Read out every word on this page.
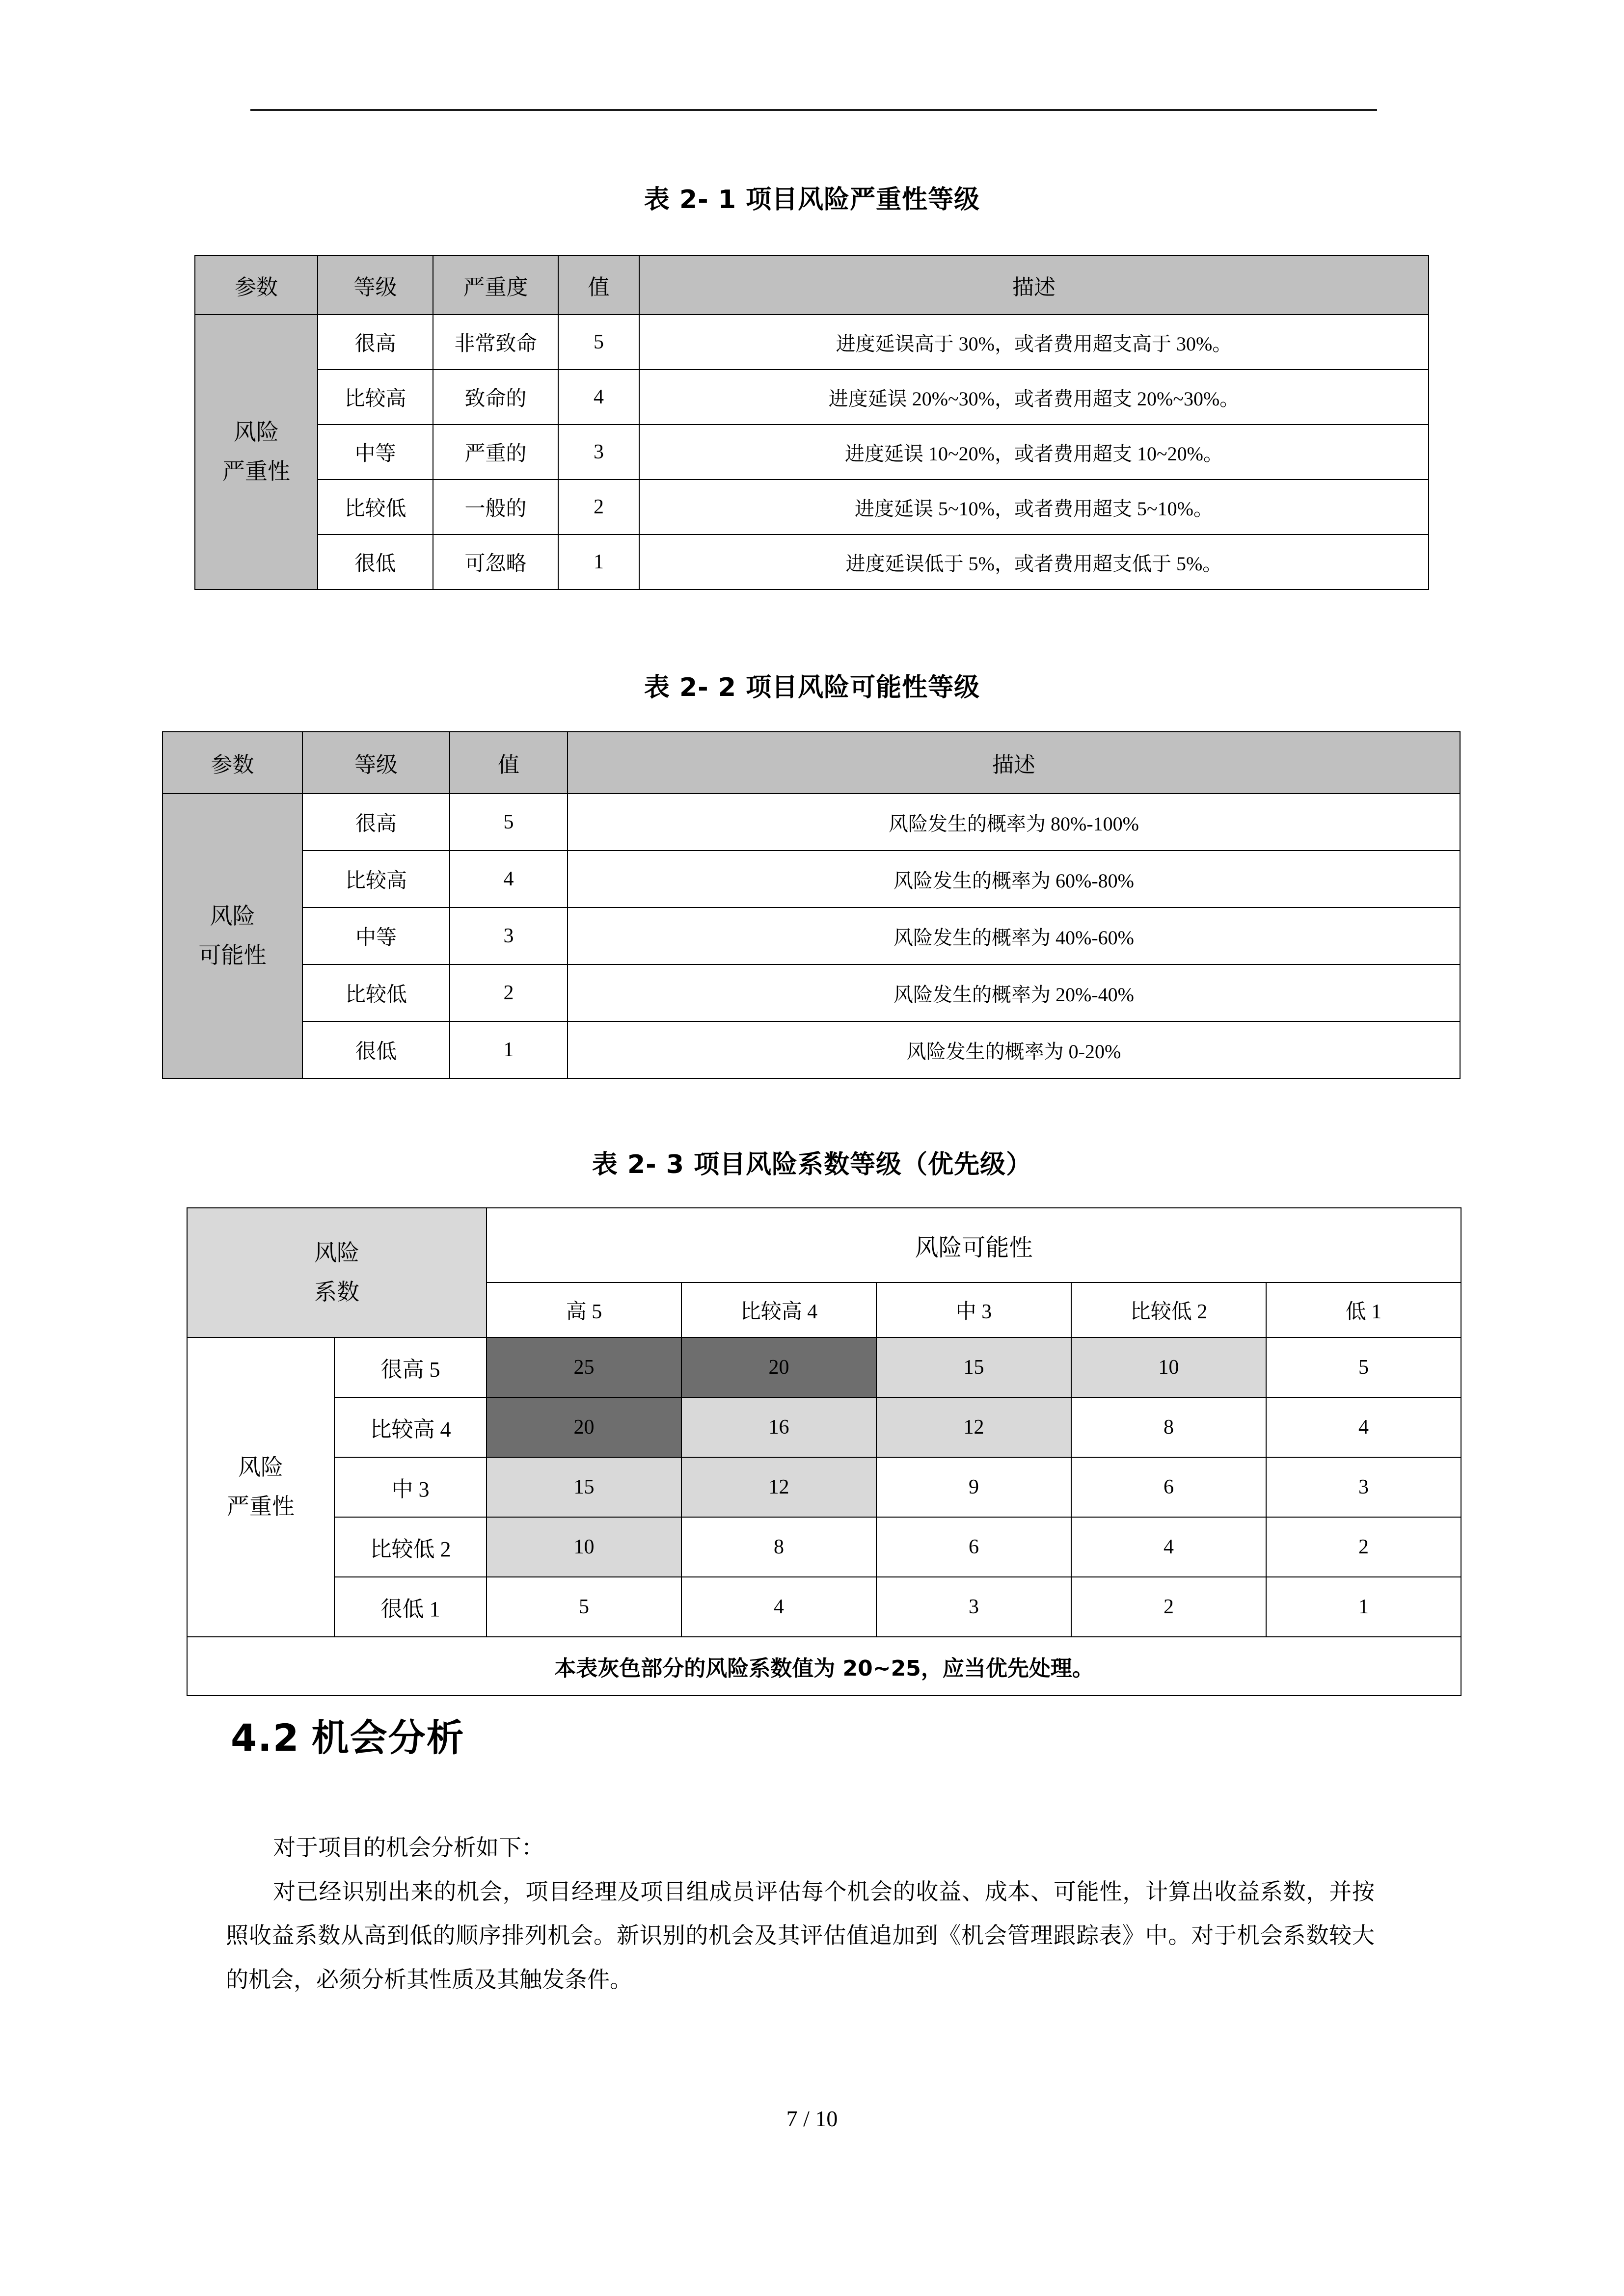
表 2- 1 项目风险严重性等级
参数	等级	严重度	值	描述
风险
严重性	很高	非常致命	5	进度延误高于 30%，或者费用超支高于 30%。
	比较高	致命的	4	进度延误 20%~30%，或者费用超支 20%~30%。
	中等	严重的	3	进度延误 10~20%，或者费用超支 10~20%。
	比较低	一般的	2	进度延误 5~10%，或者费用超支 5~10%。
	很低	可忽略	1	进度延误低于 5%，或者费用超支低于 5%。
表 2- 2 项目风险可能性等级
参数	等级	值	描述
风险
可能性	很高	5	风险发生的概率为 80%-100%
	比较高	4	风险发生的概率为 60%-80%
	中等	3	风险发生的概率为 40%-60%
	比较低	2	风险发生的概率为 20%-40%
	很低	1	风险发生的概率为 0-20%
表 2- 3 项目风险系数等级（优先级）
风险
系数		风险可能性				
		高 5	比较高 4	中 3	比较低 2	低 1
风险
严重性	很高 5	25	20	15	10	5
	比较高 4	20	16	12	8	4
	中 3	15	12	9	6	3
	比较低 2	10	8	6	4	2
	很低 1	5	4	3	2	1
本表灰色部分的风险系数值为 20~25，应当优先处理。						
4.2 机会分析

对于项目的机会分析如下：

对已经识别出来的机会，项目经理及项目组成员评估每个机会的收益、成本、可能性，计算出收益系数，并按照收益系数从高到低的顺序排列机会。新识别的机会及其评估值追加到《机会管理跟踪表》中。对于机会系数较大的机会，必须分析其性质及其触发条件。

7 / 10
